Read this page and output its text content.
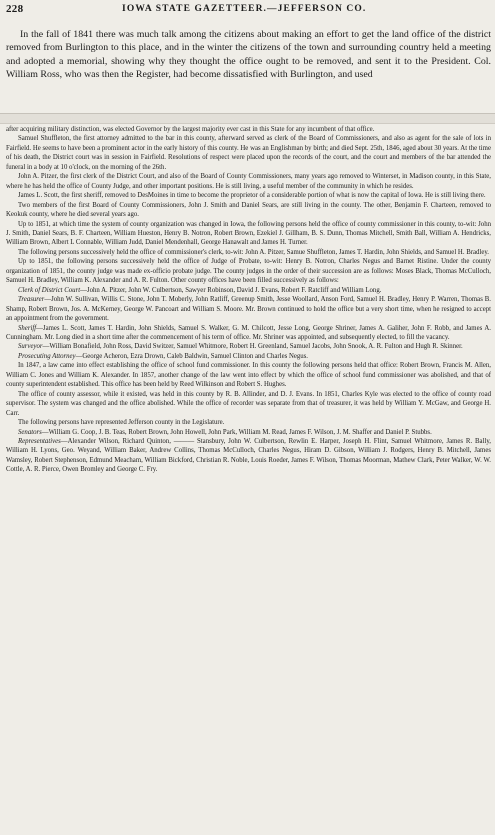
228	IOWA STATE GAZETTEER.—JEFFERSON CO.

In the fall of 1841 there was much talk among the citizens about making an effort to get the land office of the district removed from Burlington to this place, and in the winter the citizens of the town and surrounding country held a meeting and adopted a memorial, showing why they thought the office ought to be removed, and sent it to the President. Col. William Ross, who was then the Register, had become dissatisfied with Burlington, and used

after acquiring military distinction, was elected Governor by the largest majority ever cast in this State for any incumbent of that office.

Samuel Shuffleton, the first attorney admitted to the bar in this county, afterward served as clerk of the Board of Commissioners, and also as agent for the sale of lots in Fairfield. He seems to have been a prominent actor in the early history of this county. He was an Englishman by birth; and died Sept. 25th, 1846, aged about 30 years. At the time of his death, the District court was in session in Fairfield. Resolutions of respect were placed upon the records of the court, and the court and members of the bar attended the funeral in a body at 10 o'clock, on the morning of the 26th.

John A. Pitzer, the first clerk of the District Court, and also of the Board of County Commissioners, many years ago removed to Winterset, in Madison county, in this State, where he has held the office of County Judge, and other important positions. He is still living, a useful member of the community in which he resides.

James L. Scott, the first sheriff, removed to DesMoines in time to become the proprietor of a considerable portion of what is now the capital of Iowa. He is still living there.

Two members of the first Board of County Commissioners, John J. Smith and Daniel Sears, are still living in the county. The other, Benjamin F. Charteen, removed to Keokuk county, where he died several years ago.

Up to 1851, at which time the system of county organization was changed in Iowa, the following persons held the office of county commissioner in this county, to-wit: John J. Smith, Daniel Sears, B. F. Charteen, William Hueston, Henry B. Notron, Robert Brown, Ezekiel J. Gillham, B. S. Dunn, Thomas Mitchell, Smith Ball, William A. Hendricks, William Brown, Albert L Connable, William Judd, Daniel Mendenhall, George Hanawalt and James H. Turner.

The following persons successively held the office of commissioner's clerk, to-wit: John A. Pitzer, Samue Shuffleton, James T. Hardin, John Shields, and Samuel H. Bradley.

Up to 1851, the following persons successively held the office of Judge of Probate, to-wit: Henry B. Notron, Charles Negus and Barnet Ristine. Under the county organization of 1851, the county judge was made ex-officio probate judge. The county judges in the order of their succession are as follows: Moses Black, Thomas McCulloch, Samuel H. Bradley, William K. Alexander and A. R. Fulton. Other county offices have been filled successively as follows:

Clerk of District Court—John A. Pitzer, John W. Culbertson, Sawyer Robinson, David J. Evans, Robert F. Ratcliff and William Long.

Treasurer—John W. Sullivan, Willis C. Stone, John T. Moberly, John Ratliff, Greenup Smith, Jesse Woollard, Anson Ford, Samuel H. Bradley, Henry P. Warren, Thomas B. Shamp, Robert Brown, Jos. A. McKerney, George W. Pancoart and William S. Moore. Mr. Brown continued to hold the office but a very short time, when he resigned to accept an appointment from the government.

Sheriff—James L. Scott, James T. Hardin, John Shields, Samuel S. Walker, G. M. Chilcott, Jesse Long, George Shriner, James A. Galiher, John F. Robb, and James A. Cunningham. Mr. Long died in a short time after the commencement of his term of office. Mr. Shriner was appointed, and subsequently elected, to fill the vacancy.

Surveyor—William Bonafield, John Ross, David Switzer, Samuel Whitmore, Robert H. Greenland, Samuel Jacobs, John Snook, A. R. Fulton and Hugh R. Skinner.

Prosecuting Attorney—George Acheron, Ezra Drown, Caleb Baldwin, Samuel Clinton and Charles Negus.

In 1847, a law came into effect establishing the office of school fund commissioner. In this county the following persons held that office: Robert Brown, Francis M. Allen, William C. Jones and William K. Alexander. In 1857, another change of the law went into effect by which the office of school fund commissioner was abolished, and that of county superintendent established. This office has been held by Reed Wilkinson and Robert S. Hughes.

The office of county assessor, while it existed, was held in this county by R. B. Allinder, and D. J. Evans. In 1851, Charles Kyle was elected to the office of county road supervisor. The system was changed and the office abolished. While the office of recorder was separate from that of treasurer, it was held by William Y. McGaw, and George H. Carr.

The following persons have represented Jefferson county in the Legislature.

Senators—William G. Coop, J. B. Teas, Robert Brown, John Howell, John Park, William M. Read, James F. Wilson, J. M. Shaffer and Daniel P. Stubbs.

Representatives—Alexander Wilson, Richard Quinton, ——— Stansbury, John W. Culbertson, Rewlin E. Harper, Joseph H. Flint, Samuel Whitmore, James R. Bally, William H. Lyons, Geo. Weyand, William Baker, Andrew Collins, Thomas McCulloch, Charles Negus, Hiram D. Gibson, William J. Rodgers, Henry B. Mitchell, James Wamsley, Robert Stephenson, Edmund Meacham, William Bickford, Christian R. Noble, Louis Roeder, James F. Wilson, Thomas Moorman, Mathew Clark, Peter Walker, W. W. Cottle, A. R. Pierce, Owen Bromley and George C. Fry.
